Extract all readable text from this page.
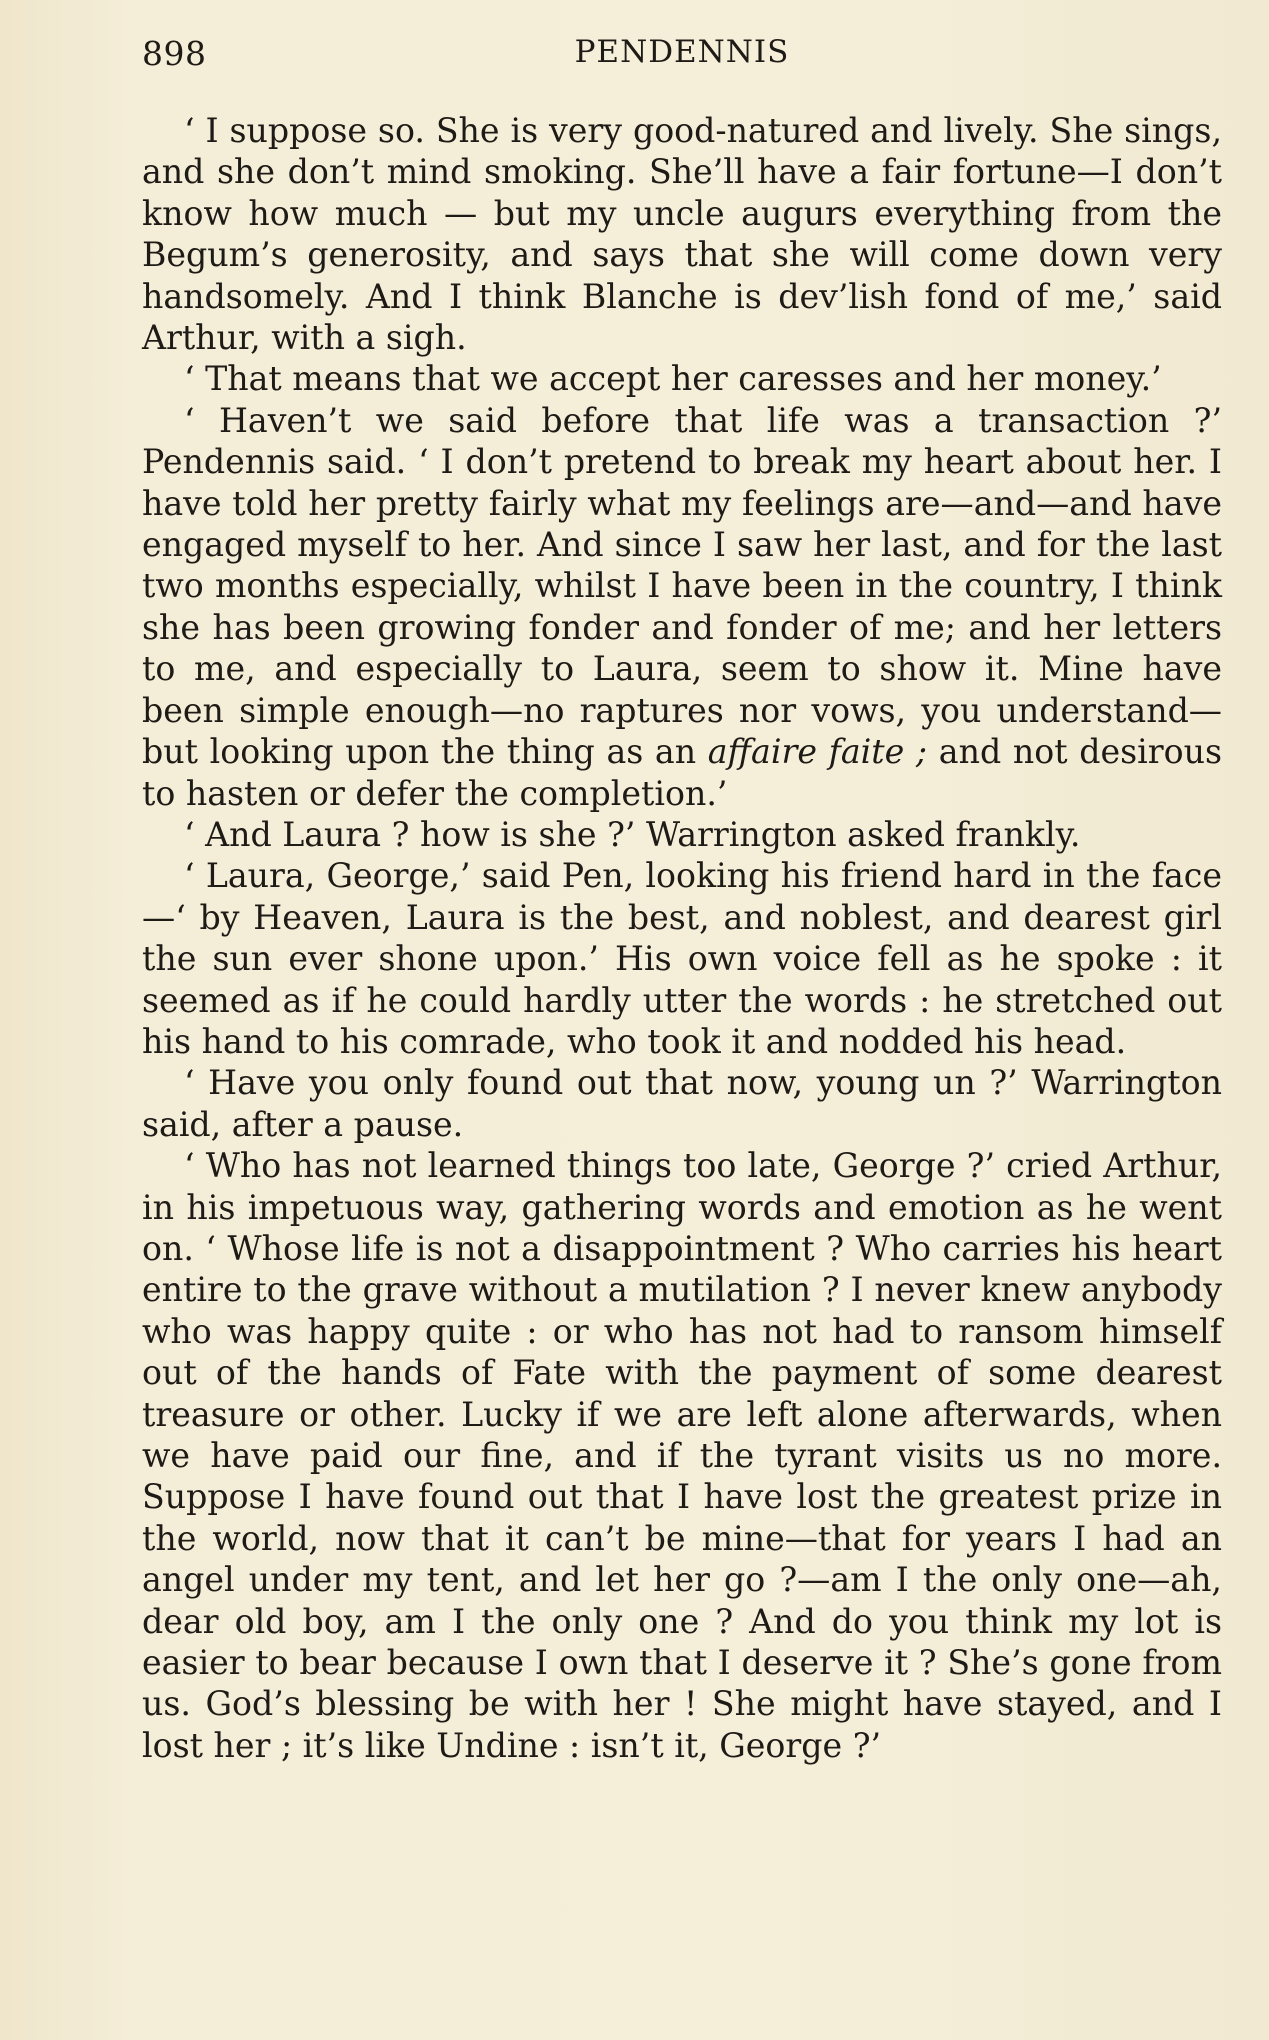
898	PENDENNIS

‘ I suppose so. She is very good-natured and lively. She sings, and she don’t mind smoking. She’ll have a fair fortune—I don’t know how much — but my uncle augurs everything from the Begum’s generosity, and says that she will come down very handsomely. And I think Blanche is dev’lish fond of me,’ said Arthur, with a sigh.

‘ That means that we accept her caresses and her money.’

‘ Haven’t we said before that life was a transaction ?’ Pendennis said. ‘ I don’t pretend to break my heart about her. I have told her pretty fairly what my feelings are—and—and have engaged myself to her. And since I saw her last, and for the last two months especially, whilst I have been in the country, I think she has been growing fonder and fonder of me; and her letters to me, and especially to Laura, seem to show it. Mine have been simple enough—no raptures nor vows, you understand—but looking upon the thing as an affaire faite ; and not desirous to hasten or defer the completion.’

‘ And Laura ? how is she ?’ Warrington asked frankly.

‘ Laura, George,’ said Pen, looking his friend hard in the face—‘ by Heaven, Laura is the best, and noblest, and dearest girl the sun ever shone upon.’ His own voice fell as he spoke : it seemed as if he could hardly utter the words : he stretched out his hand to his comrade, who took it and nodded his head.

‘ Have you only found out that now, young un ?’ Warrington said, after a pause.

‘ Who has not learned things too late, George ?’ cried Arthur, in his impetuous way, gathering words and emotion as he went on. ‘ Whose life is not a disappointment ? Who carries his heart entire to the grave without a mutilation ? I never knew anybody who was happy quite : or who has not had to ransom himself out of the hands of Fate with the payment of some dearest treasure or other. Lucky if we are left alone afterwards, when we have paid our fine, and if the tyrant visits us no more. Suppose I have found out that I have lost the greatest prize in the world, now that it can’t be mine—that for years I had an angel under my tent, and let her go ?—am I the only one—ah, dear old boy, am I the only one ? And do you think my lot is easier to bear because I own that I deserve it ? She’s gone from us. God’s blessing be with her ! She might have stayed, and I lost her ; it’s like Undine : isn’t it, George ?’
